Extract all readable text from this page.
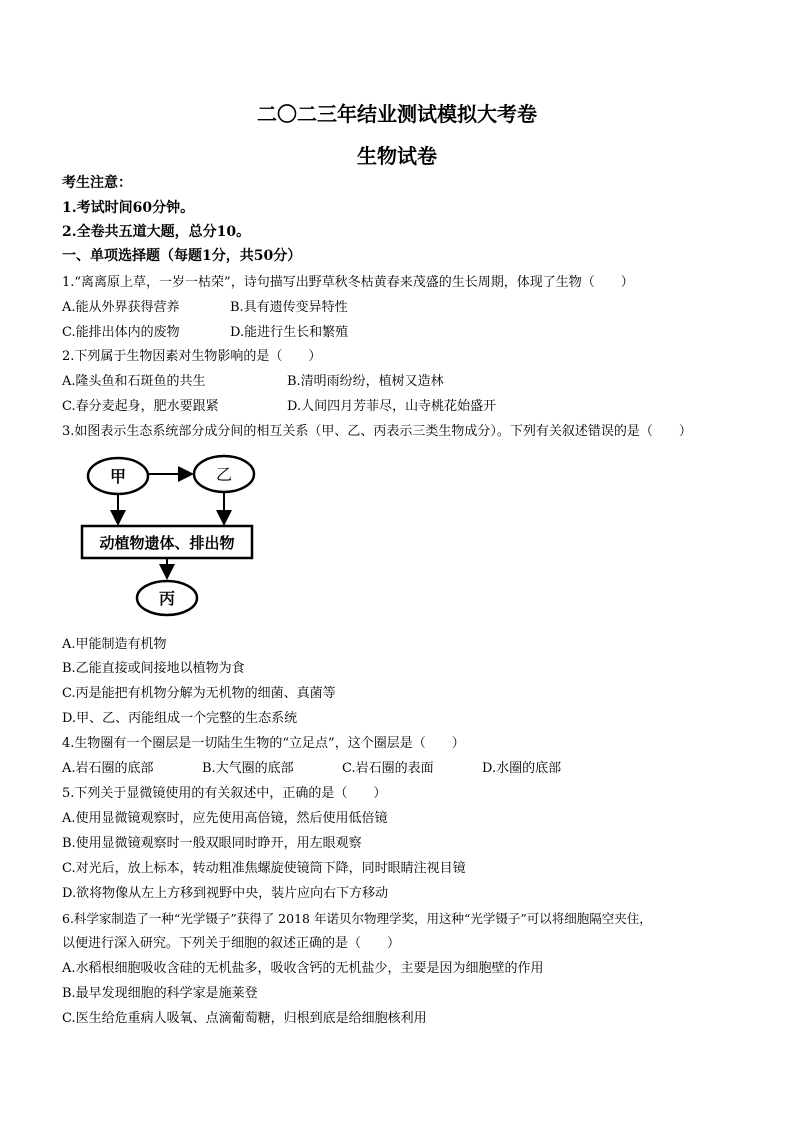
二〇二三年结业测试模拟大考卷
生物试卷
考生注意：
1.考试时间60分钟。
2.全卷共五道大题，总分10。
一、单项选择题（每题1分，共50分）
1.“离离原上草，一岁一枯荣”，诗句描写出野草秋冬枯黄春来茂盛的生长周期，体现了生物（　　）
A.能从外界获得营养	B.具有遗传变异特性
C.能排出体内的废物	D.能进行生长和繁殖
2.下列属于生物因素对生物影响的是（　　）
A.隆头鱼和石斑鱼的共生	B.清明雨纷纷，植树又造林
C.春分麦起身，肥水要跟紧	D.人间四月芳菲尽，山寺桃花始盛开
3.如图表示生态系统部分成分间的相互关系（甲、乙、丙表示三类生物成分）。下列有关叙述错误的是（　　）
甲	乙
动植物遗体、排出物
丙
A.甲能制造有机物
B.乙能直接或间接地以植物为食
C.丙是能把有机物分解为无机物的细菌、真菌等
D.甲、乙、丙能组成一个完整的生态系统
4.生物圈有一个圈层是一切陆生生物的“立足点”，这个圈层是（　　）
A.岩石圈的底部	B.大气圈的底部	C.岩石圈的表面	D.水圈的底部
5.下列关于显微镜使用的有关叙述中，正确的是（　　）
A.使用显微镜观察时，应先使用高倍镜，然后使用低倍镜
B.使用显微镜观察时一般双眼同时睁开，用左眼观察
C.对光后，放上标本，转动粗准焦螺旋使镜筒下降，同时眼睛注视目镜
D.欲将物像从左上方移到视野中央，装片应向右下方移动
6.科学家制造了一种“光学镊子”获得了 2018 年诺贝尔物理学奖，用这种“光学镊子”可以将细胞隔空夹住，
以便进行深入研究。下列关于细胞的叙述正确的是（　　）
A.水稻根细胞吸收含硅的无机盐多，吸收含钙的无机盐少，主要是因为细胞壁的作用
B.最早发现细胞的科学家是施莱登
C.医生给危重病人吸氧、点滴葡萄糖，归根到底是给细胞核利用
